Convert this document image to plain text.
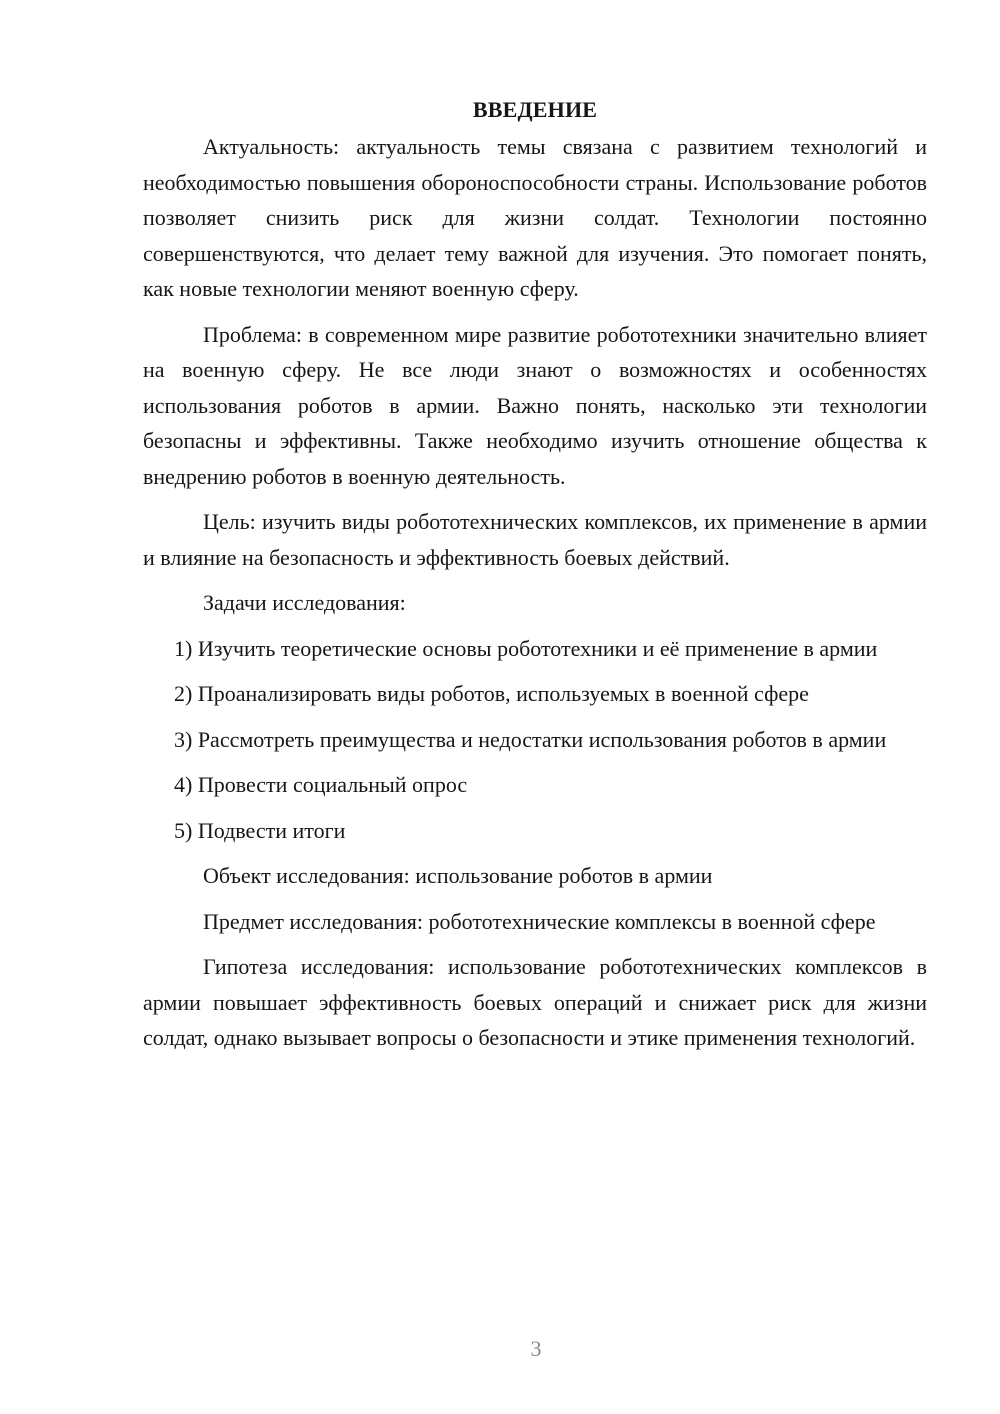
ВВЕДЕНИЕ

Актуальность: актуальность темы связана с развитием технологий и необходимостью повышения обороноспособности страны. Использование роботов позволяет снизить риск для жизни солдат. Технологии постоянно совершенствуются, что делает тему важной для изучения. Это помогает понять, как новые технологии меняют военную сферу.

Проблема: в современном мире развитие робототехники значительно влияет на военную сферу. Не все люди знают о возможностях и особенностях использования роботов в армии. Важно понять, насколько эти технологии безопасны и эффективны. Также необходимо изучить отношение общества к внедрению роботов в военную деятельность.

Цель: изучить виды робототехнических комплексов, их применение в армии и влияние на безопасность и эффективность боевых действий.

Задачи исследования:

1) Изучить теоретические основы робототехники и её применение в армии

2) Проанализировать виды роботов, используемых в военной сфере

3) Рассмотреть преимущества и недостатки использования роботов в армии

4) Провести социальный опрос

5) Подвести итоги

Объект исследования: использование роботов в армии

Предмет исследования: робототехнические комплексы в военной сфере

Гипотеза исследования: использование робототехнических комплексов в армии повышает эффективность боевых операций и снижает риск для жизни солдат, однако вызывает вопросы о безопасности и этике применения технологий.

3
